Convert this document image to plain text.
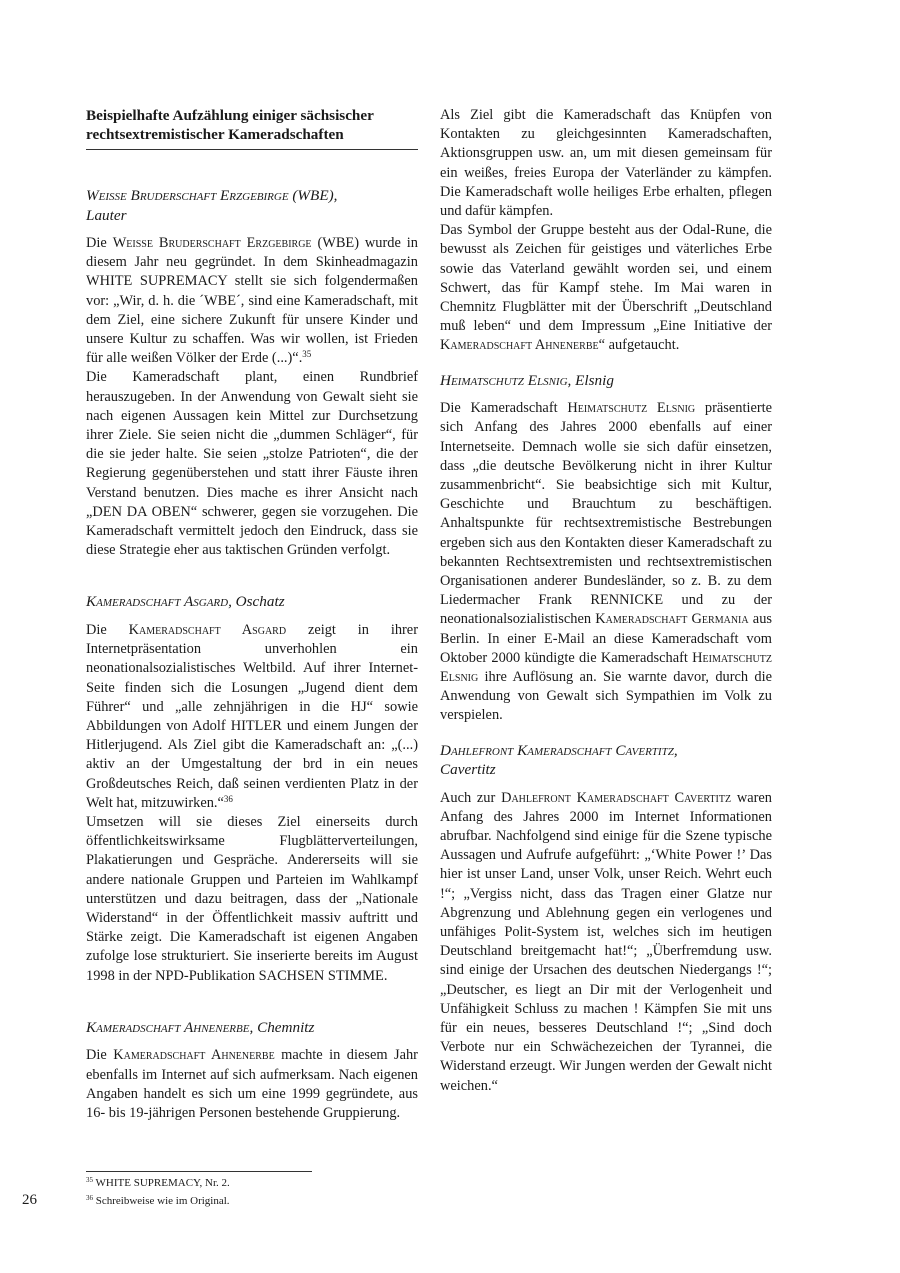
Beispielhafte Aufzählung einiger sächsischer rechtsextremistischer Kameradschaften
Weiße Bruderschaft Erzgebirge (WBE),
Lauter

Die Weiße Bruderschaft Erzgebirge (WBE) wurde in diesem Jahr neu gegründet. In dem Skinheadmagazin WHITE SUPREMACY stellt sie sich folgendermaßen vor: „Wir, d. h. die ´WBE´, sind eine Kameradschaft, mit dem Ziel, eine sichere Zukunft für unsere Kinder und unsere Kultur zu schaffen. Was wir wollen, ist Frieden für alle weißen Völker der Erde (...)“.$^{35}$

Die Kameradschaft plant, einen Rundbrief herauszugeben. In der Anwendung von Gewalt sieht sie nach eigenen Aussagen kein Mittel zur Durchsetzung ihrer Ziele. Sie seien nicht die „dummen Schläger“, für die sie jeder halte. Sie seien „stolze Patrioten“, die der Regierung gegenüberstehen und statt ihrer Fäuste ihren Verstand benutzen. Dies mache es ihrer Ansicht nach „DEN DA OBEN“ schwerer, gegen sie vorzugehen. Die Kameradschaft vermittelt jedoch den Eindruck, dass sie diese Strategie eher aus taktischen Gründen verfolgt.

Kameradschaft Asgard, Oschatz

Die Kameradschaft Asgard zeigt in ihrer Internetpräsentation unverhohlen ein neonationalsozialistisches Weltbild. Auf ihrer Internet-Seite finden sich die Losungen „Jugend dient dem Führer“ und „alle zehnjährigen in die HJ“ sowie Abbildungen von Adolf HITLER und einem Jungen der Hitlerjugend. Als Ziel gibt die Kameradschaft an: „(...) aktiv an der Umgestaltung der brd in ein neues Großdeutsches Reich, daß seinen verdienten Platz in der Welt hat, mitzuwirken.“$^{36}$

Umsetzen will sie dieses Ziel einerseits durch öffentlichkeitswirksame Flugblätterverteilungen, Plakatierungen und Gespräche. Andererseits will sie andere nationale Gruppen und Parteien im Wahlkampf unterstützen und dazu beitragen, dass der „Nationale Widerstand“ in der Öffentlichkeit massiv auftritt und Stärke zeigt. Die Kameradschaft ist eigenen Angaben zufolge lose strukturiert. Sie inserierte bereits im August 1998 in der NPD-Publikation SACHSEN STIMME.

Kameradschaft Ahnenerbe, Chemnitz

Die Kameradschaft Ahnenerbe machte in diesem Jahr ebenfalls im Internet auf sich aufmerksam. Nach eigenen Angaben handelt es sich um eine 1999 gegründete, aus 16- bis 19-jährigen Personen bestehende Gruppierung.

Als Ziel gibt die Kameradschaft das Knüpfen von Kontakten zu gleichgesinnten Kameradschaften, Aktionsgruppen usw. an, um mit diesen gemeinsam für ein weißes, freies Europa der Vaterländer zu kämpfen. Die Kameradschaft wolle heiliges Erbe erhalten, pflegen und dafür kämpfen.

Das Symbol der Gruppe besteht aus der Odal-Rune, die bewusst als Zeichen für geistiges und väterliches Erbe sowie das Vaterland gewählt worden sei, und einem Schwert, das für Kampf stehe. Im Mai waren in Chemnitz Flugblätter mit der Überschrift „Deutschland muß leben“ und dem Impressum „Eine Initiative der Kameradschaft Ahnenerbe“ aufgetaucht.

Heimatschutz Elsnig, Elsnig

Die Kameradschaft Heimatschutz Elsnig präsentierte sich Anfang des Jahres 2000 ebenfalls auf einer Internetseite. Demnach wolle sie sich dafür einsetzen, dass „die deutsche Bevölkerung nicht in ihrer Kultur zusammenbricht“. Sie beabsichtige sich mit Kultur, Geschichte und Brauchtum zu beschäftigen. Anhaltspunkte für rechtsextremistische Bestrebungen ergeben sich aus den Kontakten dieser Kameradschaft zu bekannten Rechtsextremisten und rechtsextremistischen Organisationen anderer Bundesländer, so z. B. zu dem Liedermacher Frank RENNICKE und zu der neonationalsozialistischen Kameradschaft Germania aus Berlin. In einer E-Mail an diese Kameradschaft vom Oktober 2000 kündigte die Kameradschaft Heimatschutz Elsnig ihre Auflösung an. Sie warnte davor, durch die Anwendung von Gewalt sich Sympathien im Volk zu verspielen.

Dahlefront Kameradschaft Cavertitz,
Cavertitz

Auch zur Dahlefront Kameradschaft Cavertitz waren Anfang des Jahres 2000 im Internet Informationen abrufbar. Nachfolgend sind einige für die Szene typische Aussagen und Aufrufe aufgeführt: „‘White Power !’ Das hier ist unser Land, unser Volk, unser Reich. Wehrt euch !“; „Vergiss nicht, dass das Tragen einer Glatze nur Abgrenzung und Ablehnung gegen ein verlogenes und unfähiges Polit-System ist, welches sich im heutigen Deutschland breitgemacht hat!“; „Überfremdung usw. sind einige der Ursachen des deutschen Niedergangs !“; „Deutscher, es liegt an Dir mit der Verlogenheit und Unfähigkeit Schluss zu machen ! Kämpfen Sie mit uns für ein neues, besseres Deutschland !“; „Sind doch Verbote nur ein Schwächezeichen der Tyrannei, die Widerstand erzeugt. Wir Jungen werden der Gewalt nicht weichen.“

$^{35}$ WHITE SUPREMACY, Nr. 2.
$^{36}$ Schreibweise wie im Original.
26
